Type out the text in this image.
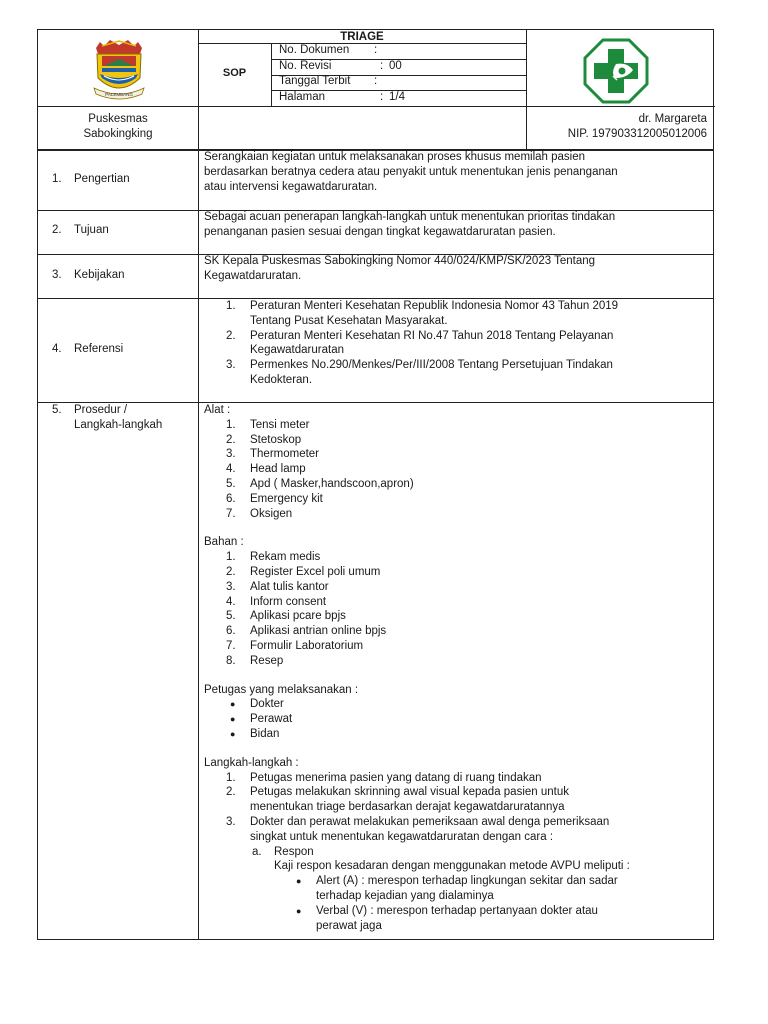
PALEMBANG
TRIAGE
SOP
No. Dokumen :
No. Revisi	: 00
Tanggal Terbit :
Halaman	: 1/4
Puskesmas
Sabokingking
dr. Margareta
NIP. 197903312005012006
1. Pengertian
Serangkaian kegiatan untuk melaksanakan proses khusus memilah pasien
berdasarkan beratnya cedera atau penyakit untuk menentukan jenis penanganan
atau intervensi kegawatdaruratan.
2. Tujuan
Sebagai acuan penerapan langkah-langkah untuk menentukan prioritas tindakan
penanganan pasien sesuai dengan tingkat kegawatdaruratan pasien.
3. Kebijakan
SK Kepala Puskesmas Sabokingking Nomor 440/024/KMP/SK/2023 Tentang
Kegawatdaruratan.
4. Referensi
1. Peraturan Menteri Kesehatan Republik Indonesia Nomor 43 Tahun 2019
Tentang Pusat Kesehatan Masyarakat.
2. Peraturan Menteri Kesehatan RI No.47 Tahun 2018 Tentang Pelayanan
Kegawatdaruratan
3. Permenkes No.290/Menkes/Per/III/2008 Tentang Persetujuan Tindakan
Kedokteran.
5. Prosedur /
Langkah-langkah
Alat :
1. Tensi meter
2. Stetoskop
3. Thermometer
4. Head lamp
5. Apd ( Masker,handscoon,apron)
6. Emergency kit
7. Oksigen
Bahan :
1. Rekam medis
2. Register Excel poli umum
3. Alat tulis kantor
4. Inform consent
5. Aplikasi pcare bpjs
6. Aplikasi antrian online bpjs
7. Formulir Laboratorium
8. Resep
Petugas yang melaksanakan :
● Dokter
● Perawat
● Bidan
Langkah-langkah :
1. Petugas menerima pasien yang datang di ruang tindakan
2. Petugas melakukan skrinning awal visual kepada pasien untuk
menentukan triage berdasarkan derajat kegawatdaruratannya
3. Dokter dan perawat melakukan pemeriksaan awal denga pemeriksaan
singkat untuk menentukan kegawatdaruratan dengan cara :
a. Respon
Kaji respon kesadaran dengan menggunakan metode AVPU meliputi :
● Alert (A) : merespon terhadap lingkungan sekitar dan sadar
terhadap kejadian yang dialaminya
● Verbal (V) : merespon terhadap pertanyaan dokter atau
perawat jaga
